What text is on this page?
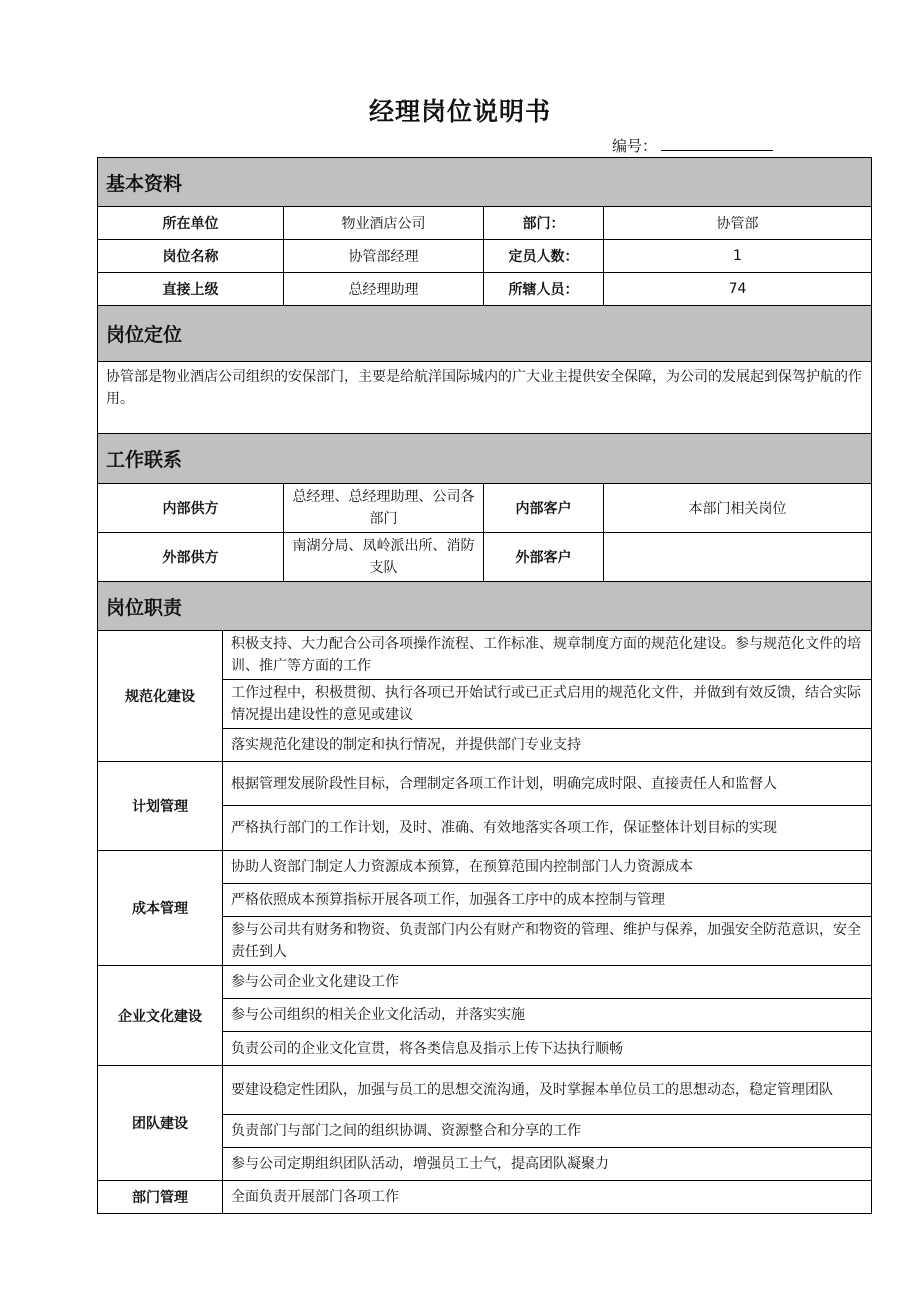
经理岗位说明书
编号：
基本资料			
所在单位	物业酒店公司	部门：	协管部
岗位名称	协管部经理	定员人数：	1
直接上级	总经理助理	所辖人员：	74
岗位定位			
协管部是物业酒店公司组织的安保部门，主要是给航洋国际城内的广大业主提供安全保障，为公司的发展起到保驾护航的作用。			
工作联系			
内部供方	总经理、总经理助理、公司各部门	内部客户	本部门相关岗位
外部供方	南湖分局、凤岭派出所、消防支队	外部客户	
岗位职责			
规范化建设	积极支持、大力配合公司各项操作流程、工作标准、规章制度方面的规范化建设。参与规范化文件的培训、推广等方面的工作
	工作过程中，积极贯彻、执行各项已开始试行或已正式启用的规范化文件，并做到有效反馈，结合实际情况提出建设性的意见或建议
	落实规范化建设的制定和执行情况，并提供部门专业支持
计划管理	根据管理发展阶段性目标，合理制定各项工作计划，明确完成时限、直接责任人和监督人
	严格执行部门的工作计划，及时、准确、有效地落实各项工作，保证整体计划目标的实现
成本管理	协助人资部门制定人力资源成本预算，在预算范围内控制部门人力资源成本
	严格依照成本预算指标开展各项工作，加强各工序中的成本控制与管理
	参与公司共有财务和物资、负责部门内公有财产和物资的管理、维护与保养，加强安全防范意识，安全责任到人
企业文化建设	参与公司企业文化建设工作
	参与公司组织的相关企业文化活动，并落实实施
	负责公司的企业文化宣贯，将各类信息及指示上传下达执行顺畅
团队建设	要建设稳定性团队，加强与员工的思想交流沟通，及时掌握本单位员工的思想动态，稳定管理团队
	负责部门与部门之间的组织协调、资源整合和分享的工作
	参与公司定期组织团队活动，增强员工士气，提高团队凝聚力
部门管理	全面负责开展部门各项工作
